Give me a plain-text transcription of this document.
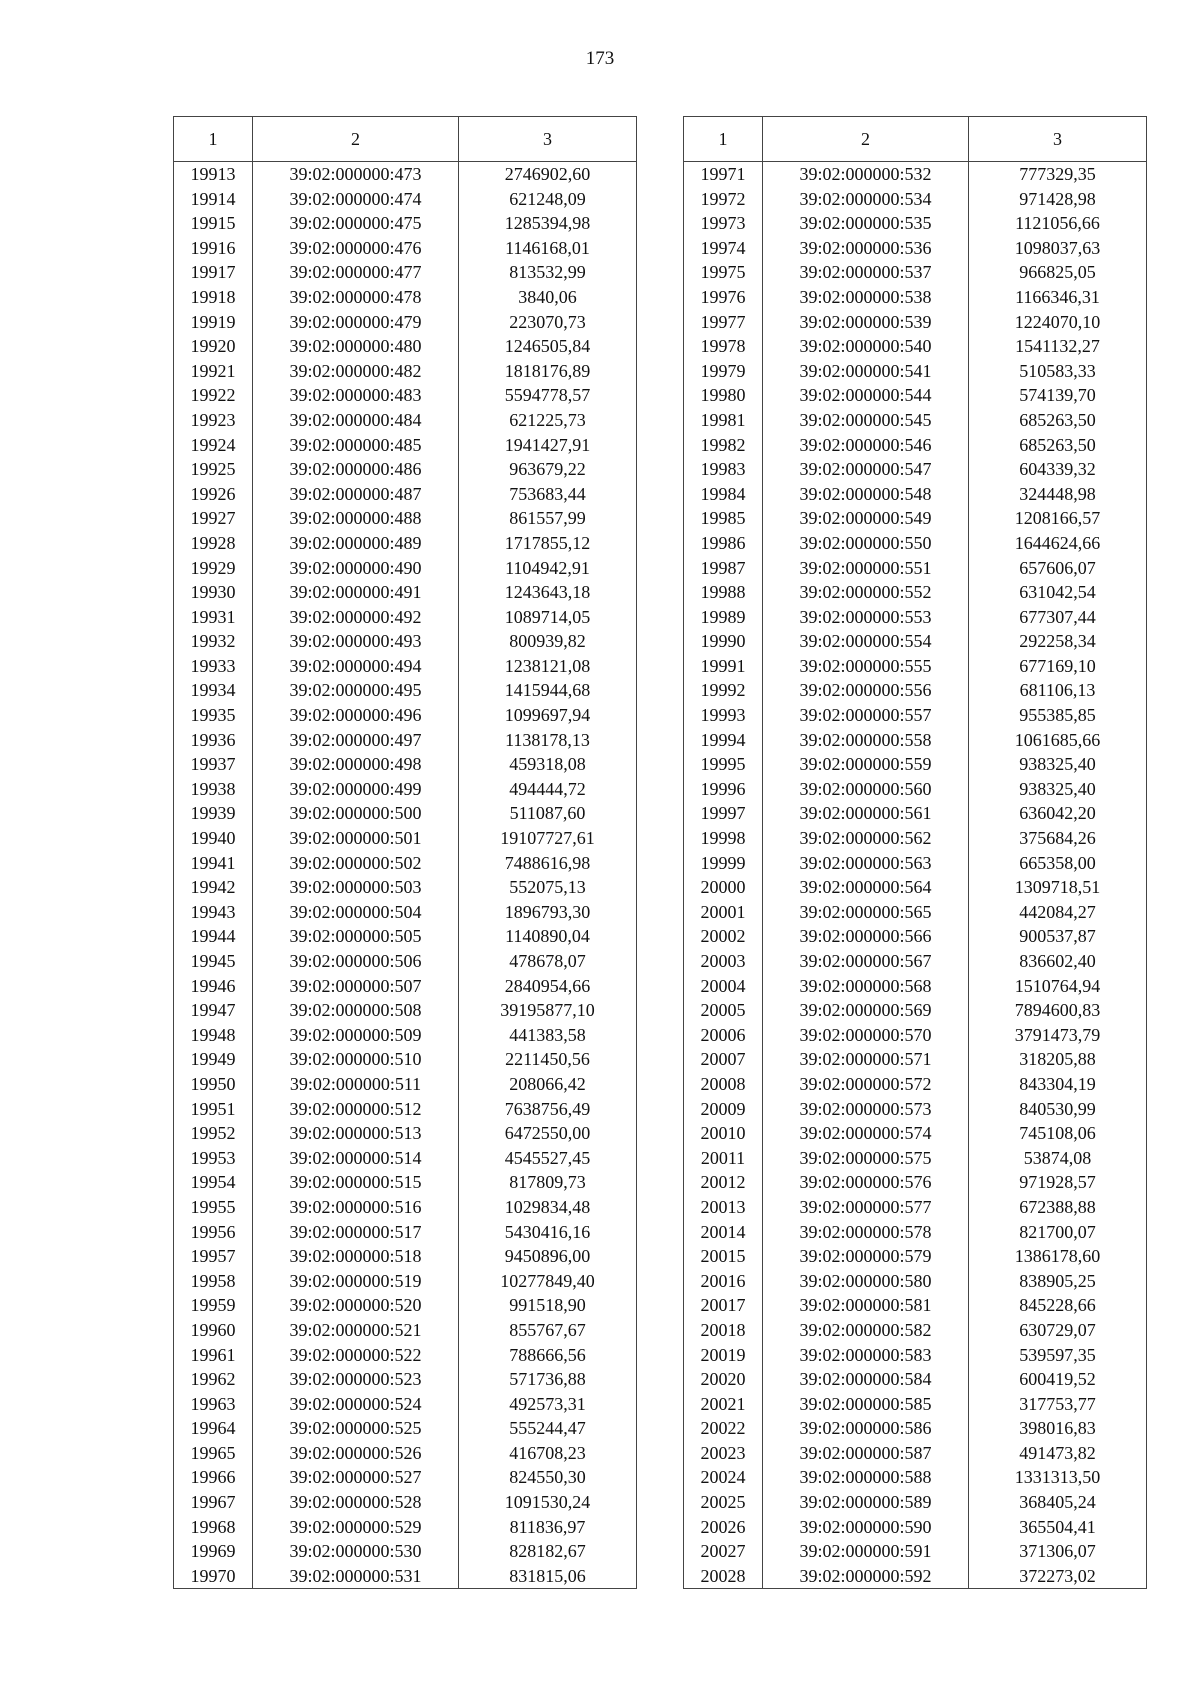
173
1	2	3
19913	39:02:000000:473	2746902,60
19914	39:02:000000:474	621248,09
19915	39:02:000000:475	1285394,98
19916	39:02:000000:476	1146168,01
19917	39:02:000000:477	813532,99
19918	39:02:000000:478	3840,06
19919	39:02:000000:479	223070,73
19920	39:02:000000:480	1246505,84
19921	39:02:000000:482	1818176,89
19922	39:02:000000:483	5594778,57
19923	39:02:000000:484	621225,73
19924	39:02:000000:485	1941427,91
19925	39:02:000000:486	963679,22
19926	39:02:000000:487	753683,44
19927	39:02:000000:488	861557,99
19928	39:02:000000:489	1717855,12
19929	39:02:000000:490	1104942,91
19930	39:02:000000:491	1243643,18
19931	39:02:000000:492	1089714,05
19932	39:02:000000:493	800939,82
19933	39:02:000000:494	1238121,08
19934	39:02:000000:495	1415944,68
19935	39:02:000000:496	1099697,94
19936	39:02:000000:497	1138178,13
19937	39:02:000000:498	459318,08
19938	39:02:000000:499	494444,72
19939	39:02:000000:500	511087,60
19940	39:02:000000:501	19107727,61
19941	39:02:000000:502	7488616,98
19942	39:02:000000:503	552075,13
19943	39:02:000000:504	1896793,30
19944	39:02:000000:505	1140890,04
19945	39:02:000000:506	478678,07
19946	39:02:000000:507	2840954,66
19947	39:02:000000:508	39195877,10
19948	39:02:000000:509	441383,58
19949	39:02:000000:510	2211450,56
19950	39:02:000000:511	208066,42
19951	39:02:000000:512	7638756,49
19952	39:02:000000:513	6472550,00
19953	39:02:000000:514	4545527,45
19954	39:02:000000:515	817809,73
19955	39:02:000000:516	1029834,48
19956	39:02:000000:517	5430416,16
19957	39:02:000000:518	9450896,00
19958	39:02:000000:519	10277849,40
19959	39:02:000000:520	991518,90
19960	39:02:000000:521	855767,67
19961	39:02:000000:522	788666,56
19962	39:02:000000:523	571736,88
19963	39:02:000000:524	492573,31
19964	39:02:000000:525	555244,47
19965	39:02:000000:526	416708,23
19966	39:02:000000:527	824550,30
19967	39:02:000000:528	1091530,24
19968	39:02:000000:529	811836,97
19969	39:02:000000:530	828182,67
19970	39:02:000000:531	831815,06
1	2	3
19971	39:02:000000:532	777329,35
19972	39:02:000000:534	971428,98
19973	39:02:000000:535	1121056,66
19974	39:02:000000:536	1098037,63
19975	39:02:000000:537	966825,05
19976	39:02:000000:538	1166346,31
19977	39:02:000000:539	1224070,10
19978	39:02:000000:540	1541132,27
19979	39:02:000000:541	510583,33
19980	39:02:000000:544	574139,70
19981	39:02:000000:545	685263,50
19982	39:02:000000:546	685263,50
19983	39:02:000000:547	604339,32
19984	39:02:000000:548	324448,98
19985	39:02:000000:549	1208166,57
19986	39:02:000000:550	1644624,66
19987	39:02:000000:551	657606,07
19988	39:02:000000:552	631042,54
19989	39:02:000000:553	677307,44
19990	39:02:000000:554	292258,34
19991	39:02:000000:555	677169,10
19992	39:02:000000:556	681106,13
19993	39:02:000000:557	955385,85
19994	39:02:000000:558	1061685,66
19995	39:02:000000:559	938325,40
19996	39:02:000000:560	938325,40
19997	39:02:000000:561	636042,20
19998	39:02:000000:562	375684,26
19999	39:02:000000:563	665358,00
20000	39:02:000000:564	1309718,51
20001	39:02:000000:565	442084,27
20002	39:02:000000:566	900537,87
20003	39:02:000000:567	836602,40
20004	39:02:000000:568	1510764,94
20005	39:02:000000:569	7894600,83
20006	39:02:000000:570	3791473,79
20007	39:02:000000:571	318205,88
20008	39:02:000000:572	843304,19
20009	39:02:000000:573	840530,99
20010	39:02:000000:574	745108,06
20011	39:02:000000:575	53874,08
20012	39:02:000000:576	971928,57
20013	39:02:000000:577	672388,88
20014	39:02:000000:578	821700,07
20015	39:02:000000:579	1386178,60
20016	39:02:000000:580	838905,25
20017	39:02:000000:581	845228,66
20018	39:02:000000:582	630729,07
20019	39:02:000000:583	539597,35
20020	39:02:000000:584	600419,52
20021	39:02:000000:585	317753,77
20022	39:02:000000:586	398016,83
20023	39:02:000000:587	491473,82
20024	39:02:000000:588	1331313,50
20025	39:02:000000:589	368405,24
20026	39:02:000000:590	365504,41
20027	39:02:000000:591	371306,07
20028	39:02:000000:592	372273,02
